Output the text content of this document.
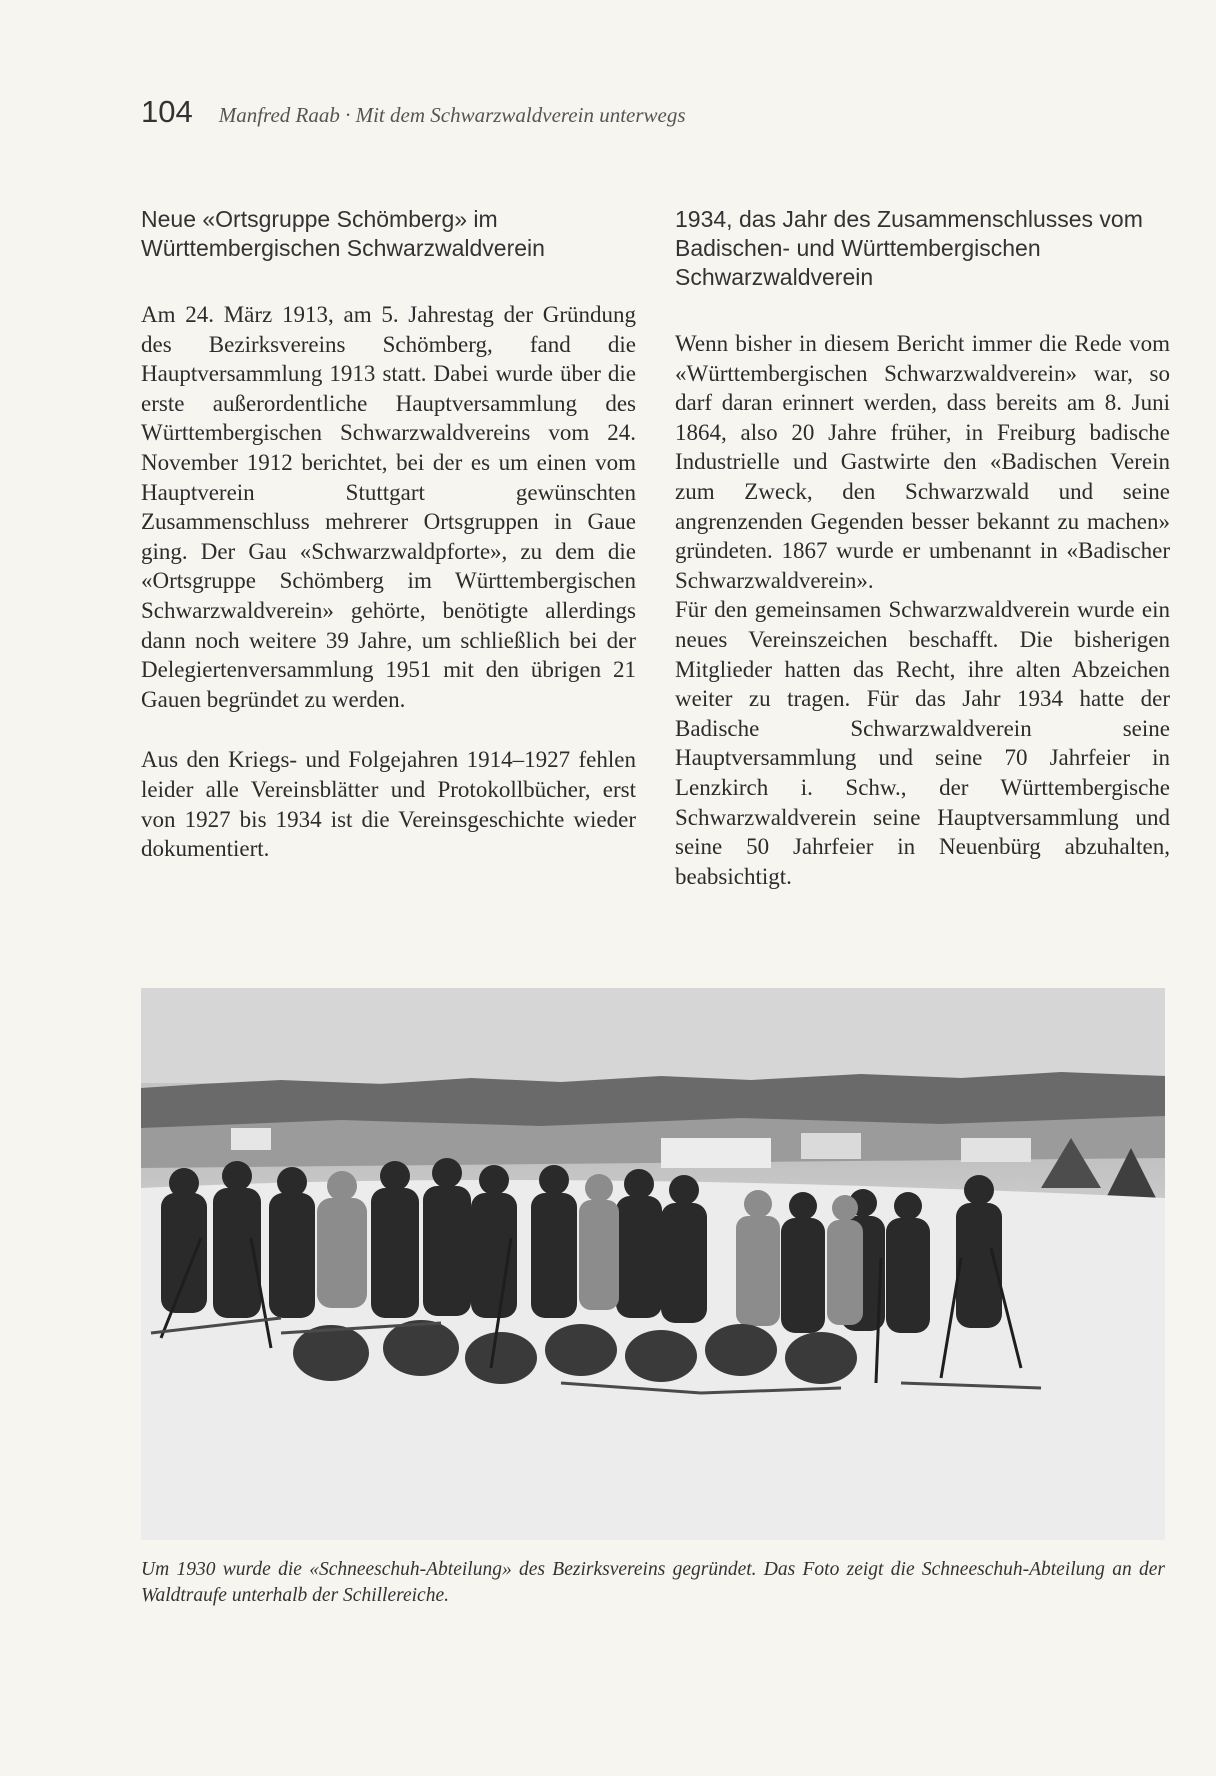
104 Manfred Raab · Mit dem Schwarzwaldverein unterwegs
Neue «Ortsgruppe Schömberg» im Württembergischen Schwarzwaldverein

Am 24. März 1913, am 5. Jahrestag der Gründung des Bezirksvereins Schömberg, fand die Hauptversammlung 1913 statt. Dabei wurde über die erste außerordentliche Hauptversammlung des Württembergischen Schwarzwaldvereins vom 24. November 1912 berichtet, bei der es um einen vom Hauptverein Stuttgart gewünschten Zusammenschluss mehrerer Ortsgruppen in Gaue ging. Der Gau «Schwarzwaldpforte», zu dem die «Ortsgruppe Schömberg im Württembergischen Schwarzwaldverein» gehörte, benötigte allerdings dann noch weitere 39 Jahre, um schließlich bei der Delegiertenversammlung 1951 mit den übrigen 21 Gauen begründet zu werden.

Aus den Kriegs- und Folgejahren 1914–1927 fehlen leider alle Vereinsblätter und Protokollbücher, erst von 1927 bis 1934 ist die Vereinsgeschichte wieder dokumentiert.

1934, das Jahr des Zusammenschlusses vom Badischen- und Württembergischen Schwarzwaldverein

Wenn bisher in diesem Bericht immer die Rede vom «Württembergischen Schwarzwaldverein» war, so darf daran erinnert werden, dass bereits am 8. Juni 1864, also 20 Jahre früher, in Freiburg badische Industrielle und Gastwirte den «Badischen Verein zum Zweck, den Schwarzwald und seine angrenzenden Gegenden besser bekannt zu machen» gründeten. 1867 wurde er umbenannt in «Badischer Schwarzwaldverein».

Für den gemeinsamen Schwarzwaldverein wurde ein neues Vereinszeichen beschafft. Die bisherigen Mitglieder hatten das Recht, ihre alten Abzeichen weiter zu tragen. Für das Jahr 1934 hatte der Badische Schwarzwaldverein seine Hauptversammlung und seine 70 Jahrfeier in Lenzkirch i. Schw., der Württembergische Schwarzwaldverein seine Hauptversammlung und seine 50 Jahrfeier in Neuenbürg abzuhalten, beabsichtigt.

Um 1930 wurde die «Schneeschuh-Abteilung» des Bezirksvereins gegründet. Das Foto zeigt die Schneeschuh-Abteilung an der Waldtraufe unterhalb der Schillereiche.
